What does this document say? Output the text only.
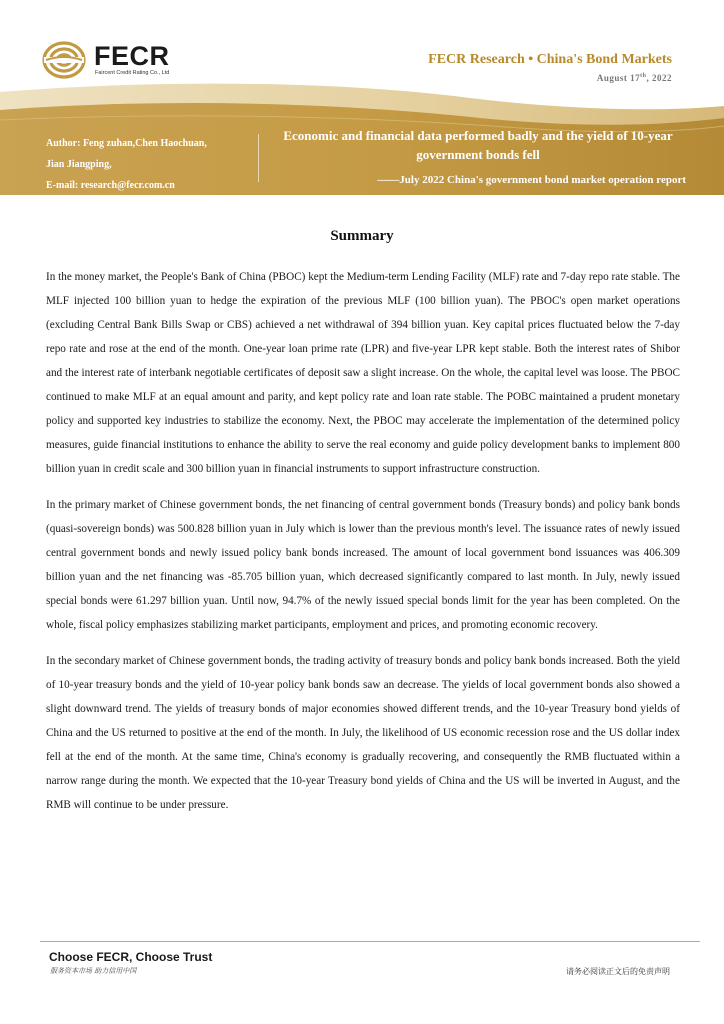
FECR
Faircent Credit Rating Co., Ltd
FECR Research • China's Bond Markets
August 17th, 2022
Author: Feng zuhan,Chen Haochuan,
Jian Jiangping,
E-mail: research@fecr.com.cn
Economic and financial data performed badly and the yield of 10-year government bonds fell
——July 2022 China's government bond market operation report
Summary

In the money market, the People's Bank of China (PBOC) kept the Medium-term Lending Facility (MLF) rate and 7-day repo rate stable. The MLF injected 100 billion yuan to hedge the expiration of the previous MLF (100 billion yuan). The PBOC's open market operations (excluding Central Bank Bills Swap or CBS) achieved a net withdrawal of 394 billion yuan. Key capital prices fluctuated below the 7-day repo rate and rose at the end of the month. One-year loan prime rate (LPR) and five-year LPR kept stable. Both the interest rates of Shibor and the interest rate of interbank negotiable certificates of deposit saw a slight increase. On the whole, the capital level was loose. The PBOC continued to make MLF at an equal amount and parity, and kept policy rate and loan rate stable. The POBC maintained a prudent monetary policy and supported key industries to stabilize the economy. Next, the PBOC may accelerate the implementation of the determined policy measures, guide financial institutions to enhance the ability to serve the real economy and guide policy development banks to implement 800 billion yuan in credit scale and 300 billion yuan in financial instruments to support infrastructure construction.

In the primary market of Chinese government bonds, the net financing of central government bonds (Treasury bonds) and policy bank bonds (quasi-sovereign bonds) was 500.828 billion yuan in July which is lower than the previous month's level. The issuance rates of newly issued central government bonds and newly issued policy bank bonds increased. The amount of local government bond issuances was 406.309 billion yuan and the net financing was -85.705 billion yuan, which decreased significantly compared to last month. In July, newly issued special bonds were 61.297 billion yuan. Until now, 94.7% of the newly issued special bonds limit for the year has been completed. On the whole, fiscal policy emphasizes stabilizing market participants, employment and prices, and promoting economic recovery.

In the secondary market of Chinese government bonds, the trading activity of treasury bonds and policy bank bonds increased. Both the yield of 10-year treasury bonds and the yield of 10-year policy bank bonds saw an decrease. The yields of local government bonds also showed a slight downward trend. The yields of treasury bonds of major economies showed different trends, and the 10-year Treasury bond yields of China and the US returned to positive at the end of the month. In July, the likelihood of US economic recession rose and the US dollar index fell at the end of the month. At the same time, China's economy is gradually recovering, and consequently the RMB fluctuated within a narrow range during the month. We expected that the 10-year Treasury bond yields of China and the US will be inverted in August, and the RMB will continue to be under pressure.

Choose FECR, Choose Trust
服务资本市场 助力信用中国	请务必阅读正文后的免责声明
